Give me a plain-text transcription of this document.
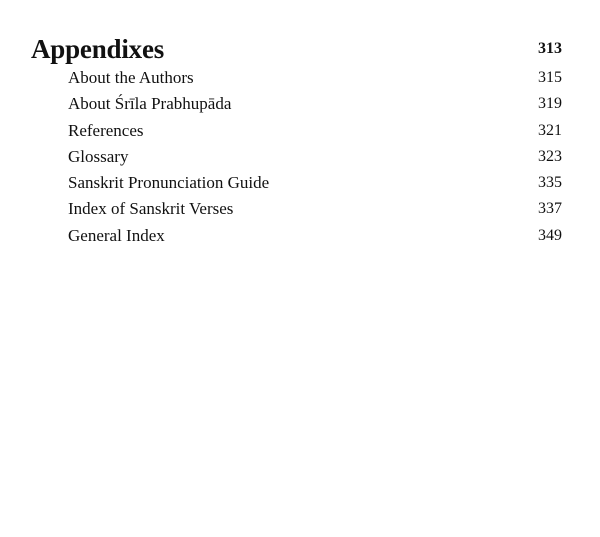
Appendixes	313
About the Authors	315
About Śrīla Prabhupāda	319
References	321
Glossary	323
Sanskrit Pronunciation Guide	335
Index of Sanskrit Verses	337
General Index	349
